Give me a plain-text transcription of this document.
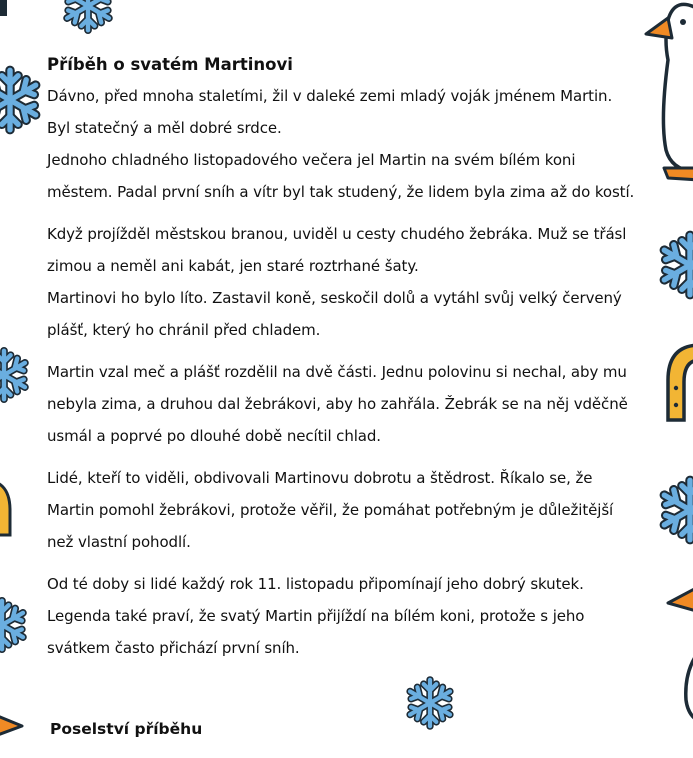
Příběh o svatém Martinovi
Dávno, před mnoha staletími, žil v daleké zemi mladý voják jménem Martin.
Byl statečný a měl dobré srdce.
Jednoho chladného listopadového večera jel Martin na svém bílém koni
městem. Padal první sníh a vítr byl tak studený, že lidem byla zima až do kostí.
Když projížděl městskou branou, uviděl u cesty chudého žebráka. Muž se třásl
zimou a neměl ani kabát, jen staré roztrhané šaty.
Martinovi ho bylo líto. Zastavil koně, seskočil dolů a vytáhl svůj velký červený
plášť, který ho chránil před chladem.
Martin vzal meč a plášť rozdělil na dvě části. Jednu polovinu si nechal, aby mu
nebyla zima, a druhou dal žebrákovi, aby ho zahřála. Žebrák se na něj vděčně
usmál a poprvé po dlouhé době necítil chlad.
Lidé, kteří to viděli, obdivovali Martinovu dobrotu a štědrost. Říkalo se, že
Martin pomohl žebrákovi, protože věřil, že pomáhat potřebným je důležitější
než vlastní pohodlí.
Od té doby si lidé každý rok 11. listopadu připomínají jeho dobrý skutek.
Legenda také praví, že svatý Martin přijíždí na bílém koni, protože s jeho
svátkem často přichází první sníh.
Poselství příběhu
